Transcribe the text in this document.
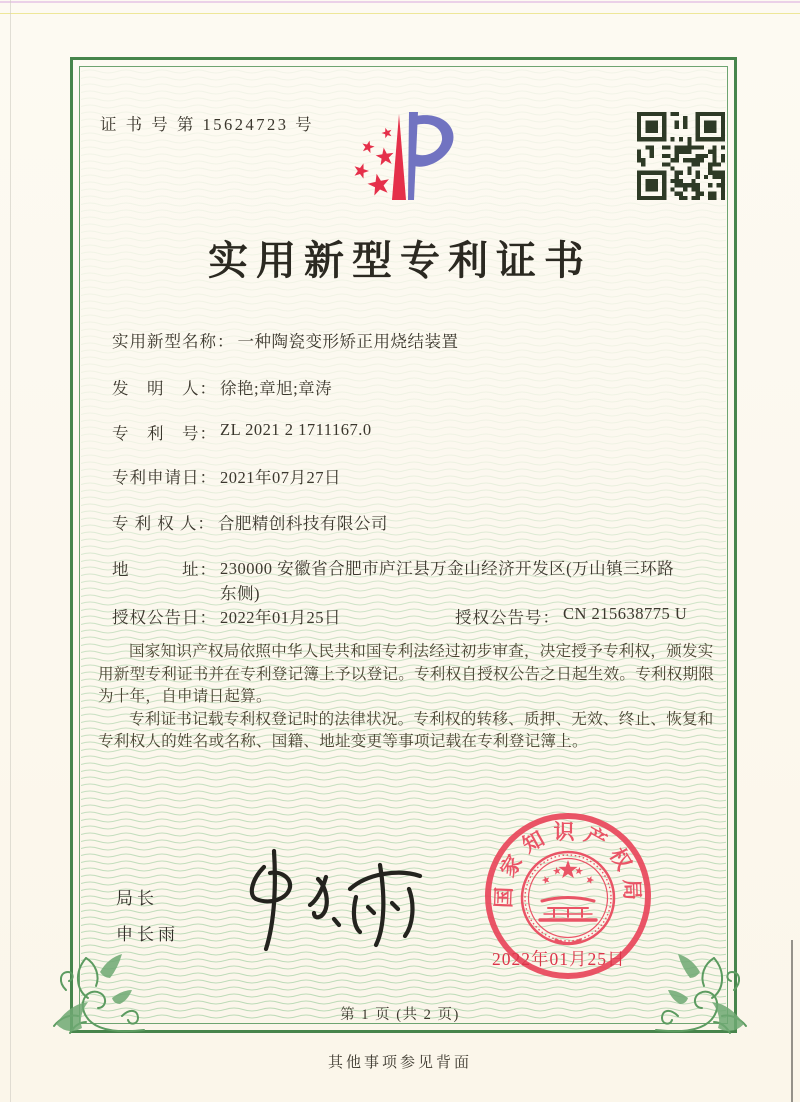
证 书 号 第 15624723 号
实用新型专利证书
实用新型名称： 一种陶瓷变形矫正用烧结装置
发　明　人： 徐艳;章旭;章涛
专　利　号： ZL 2021 2 1711167.0
专利申请日： 2021年07月27日
专 利 权 人： 合肥精创科技有限公司
地　　　址： 230000 安徽省合肥市庐江县万金山经济开发区(万山镇三环路东侧)
授权公告日： 2022年01月25日	授权公告号： CN 215638775 U

国家知识产权局依照中华人民共和国专利法经过初步审查，决定授予专利权，颁发实用新型专利证书并在专利登记簿上予以登记。专利权自授权公告之日起生效。专利权期限为十年，自申请日起算。

专利证书记载专利权登记时的法律状况。专利权的转移、质押、无效、终止、恢复和专利权人的姓名或名称、国籍、地址变更等事项记载在专利登记簿上。

局长
申长雨
国家知识产权局
2022年01月25日
第 1 页 (共 2 页)
其他事项参见背面
